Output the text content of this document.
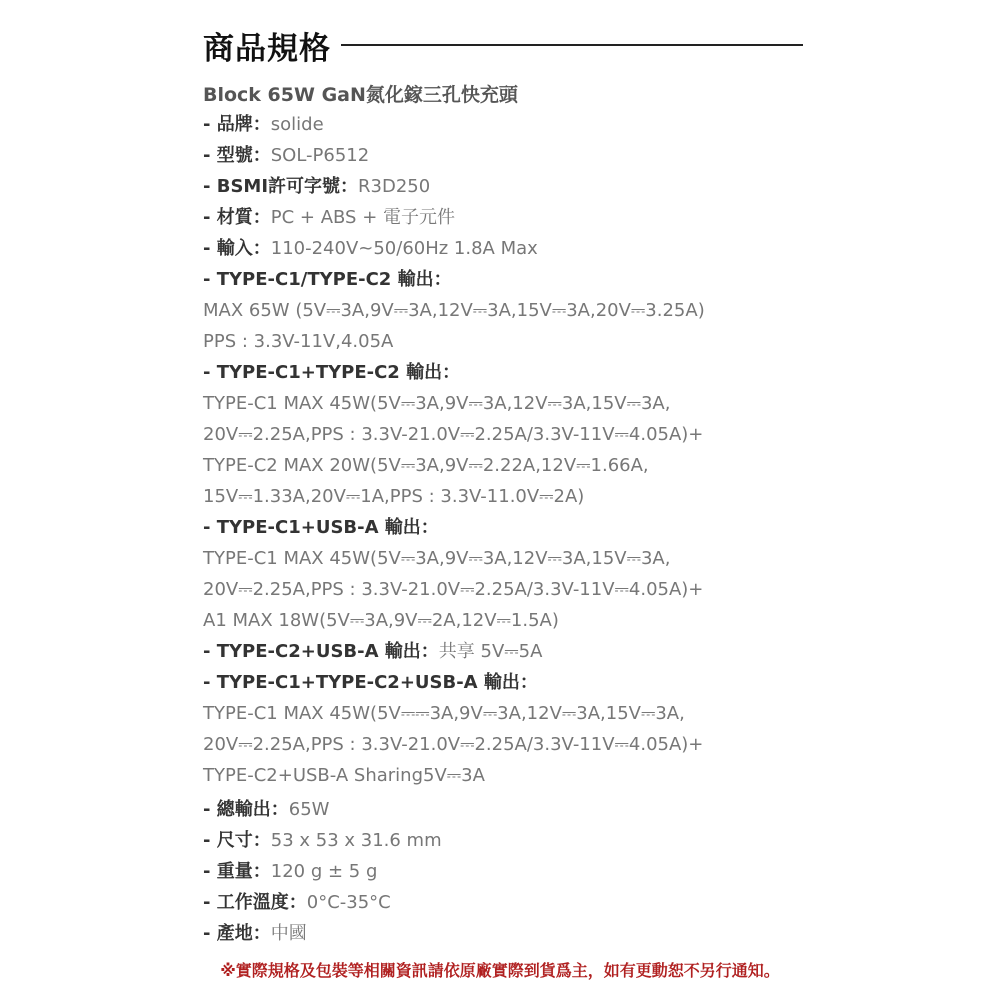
商品規格
Block 65W GaN氮化鎵三孔快充頭
- 品牌：solide
- 型號：SOL-P6512
- BSMI許可字號：R3D250
- 材質：PC + ABS + 電子元件
- 輸入：110-240V~50/60Hz 1.8A Max
- TYPE-C1/TYPE-C2 輸出：
MAX 65W (5V⎓3A,9V⎓3A,12V⎓3A,15V⎓3A,20V⎓3.25A)
PPS : 3.3V-11V,4.05A
- TYPE-C1+TYPE-C2 輸出：
TYPE-C1 MAX 45W(5V⎓3A,9V⎓3A,12V⎓3A,15V⎓3A,
20V⎓2.25A,PPS : 3.3V-21.0V⎓2.25A/3.3V-11V⎓4.05A)+
TYPE-C2 MAX 20W(5V⎓3A,9V⎓2.22A,12V⎓1.66A,
15V⎓1.33A,20V⎓1A,PPS : 3.3V-11.0V⎓2A)
- TYPE-C1+USB-A 輸出：
TYPE-C1 MAX 45W(5V⎓3A,9V⎓3A,12V⎓3A,15V⎓3A,
20V⎓2.25A,PPS : 3.3V-21.0V⎓2.25A/3.3V-11V⎓4.05A)+
A1 MAX 18W(5V⎓3A,9V⎓2A,12V⎓1.5A)
- TYPE-C2+USB-A 輸出：共享 5V⎓5A
- TYPE-C1+TYPE-C2+USB-A 輸出：
TYPE-C1 MAX 45W(5V⎓⎓3A,9V⎓3A,12V⎓3A,15V⎓3A,
20V⎓2.25A,PPS : 3.3V-21.0V⎓2.25A/3.3V-11V⎓4.05A)+
TYPE-C2+USB-A Sharing5V⎓3A
- 總輸出：65W
- 尺寸：53 x 53 x 31.6 mm
- 重量：120 g ± 5 g
- 工作溫度：0°C-35°C
- 產地：中國
※實際規格及包裝等相關資訊請依原廠實際到貨爲主，如有更動恕不另行通知。
